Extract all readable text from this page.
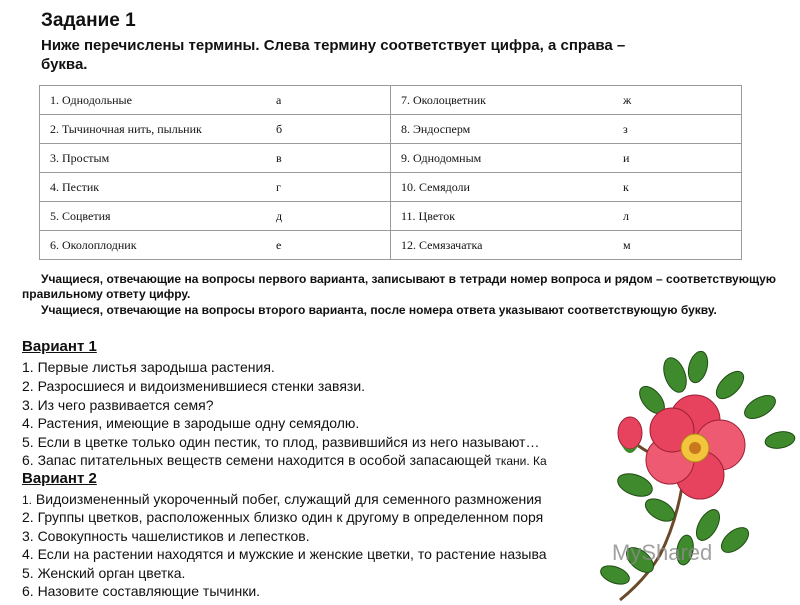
Задание 1

Ниже перечислены термины. Слева термину соответствует цифра, а справа – буква.

1. Однодольные а	7. Околоцветник ж

2. Тычиночная нить, пыльник б	8. Эндосперм з

3. Простым в	9. Однодомным и

4. Пестик г	10. Семядоли к

5. Соцветия д	11. Цветок л

6. Околоплодник е	12. Семязачатка м

Учащиеся, отвечающие на вопросы первого варианта, записывают в тетради номер вопроса и рядом – соответствующую правильному ответу цифру.

Учащиеся, отвечающие на вопросы второго варианта, после номера ответа указывают соответствующую букву.

Вариант 1

1. Первые листья зародыша растения.

2. Разросшиеся и видоизменившиеся стенки завязи.

3. Из чего развивается семя?

4. Растения, имеющие в зародыше одну семядолю.

5. Если в цветке только один пестик, то плод, развившийся из него называют…

6. Запас питательных веществ семени находится в особой запасающей ткани. Ка

Вариант 2

1. Видоизмененный укороченный побег, служащий для семенного размножения

2. Группы цветков, расположенных близко один к другому в определенном поря

3. Совокупность чашелистиков и лепестков.

4. Если на растении находятся и мужские и женские цветки, то растение называ

5. Женский орган цветка.

6. Назовите составляющие тычинки.

MyShared
